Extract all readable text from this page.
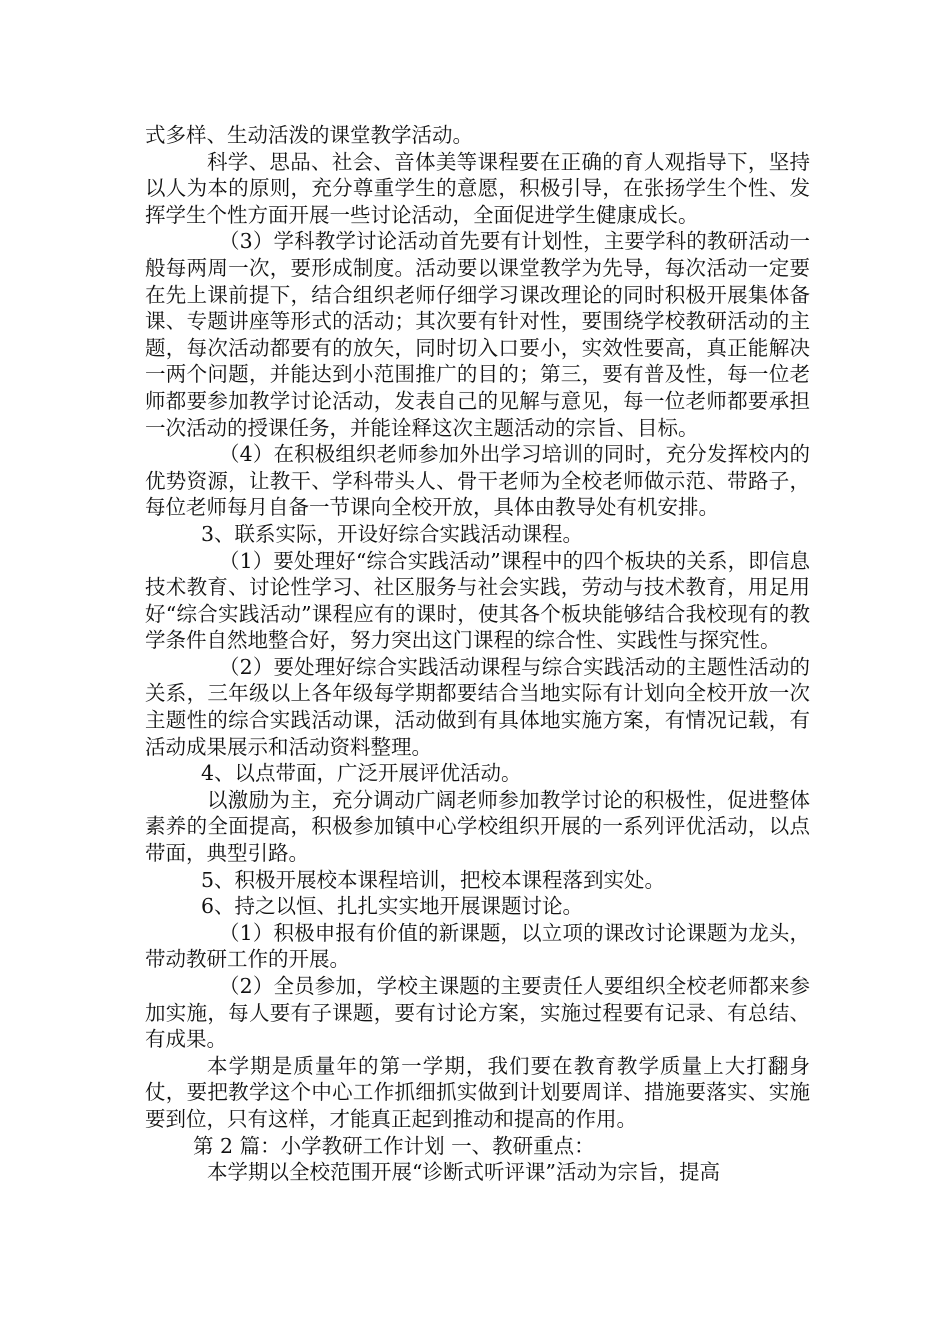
式多样、生动活泼的课堂教学活动。

科学、思品、社会、音体美等课程要在正确的育人观指导下，坚持以人为本的原则，充分尊重学生的意愿，积极引导，在张扬学生个性、发挥学生个性方面开展一些讨论活动，全面促进学生健康成长。

（3）学科教学讨论活动首先要有计划性，主要学科的教研活动一般每两周一次，要形成制度。活动要以课堂教学为先导，每次活动一定要在先上课前提下，结合组织老师仔细学习课改理论的同时积极开展集体备课、专题讲座等形式的活动；其次要有针对性，要围绕学校教研活动的主题，每次活动都要有的放矢，同时切入口要小，实效性要高，真正能解决一两个问题，并能达到小范围推广的目的；第三，要有普及性，每一位老师都要参加教学讨论活动，发表自己的见解与意见，每一位老师都要承担一次活动的授课任务，并能诠释这次主题活动的宗旨、目标。

（4）在积极组织老师参加外出学习培训的同时，充分发挥校内的优势资源，让教干、学科带头人、骨干老师为全校老师做示范、带路子，每位老师每月自备一节课向全校开放，具体由教导处有机安排。

3、联系实际，开设好综合实践活动课程。

（1）要处理好“综合实践活动”课程中的四个板块的关系，即信息技术教育、讨论性学习、社区服务与社会实践，劳动与技术教育，用足用好“综合实践活动”课程应有的课时，使其各个板块能够结合我校现有的教学条件自然地整合好，努力突出这门课程的综合性、实践性与探究性。

（2）要处理好综合实践活动课程与综合实践活动的主题性活动的关系，三年级以上各年级每学期都要结合当地实际有计划向全校开放一次主题性的综合实践活动课，活动做到有具体地实施方案，有情况记载，有活动成果展示和活动资料整理。

4、以点带面，广泛开展评优活动。

以激励为主，充分调动广阔老师参加教学讨论的积极性，促进整体素养的全面提高，积极参加镇中心学校组织开展的一系列评优活动，以点带面，典型引路。

5、积极开展校本课程培训，把校本课程落到实处。

6、持之以恒、扎扎实实地开展课题讨论。

（1）积极申报有价值的新课题，以立项的课改讨论课题为龙头，带动教研工作的开展。

（2）全员参加，学校主课题的主要责任人要组织全校老师都来参加实施，每人要有子课题，要有讨论方案，实施过程要有记录、有总结、有成果。

本学期是质量年的第一学期，我们要在教育教学质量上大打翻身仗，要把教学这个中心工作抓细抓实做到计划要周详、措施要落实、实施要到位，只有这样，才能真正起到推动和提高的作用。

第 2 篇：小学教研工作计划 一、教研重点：

本学期以全校范围开展“诊断式听评课”活动为宗旨，提高
